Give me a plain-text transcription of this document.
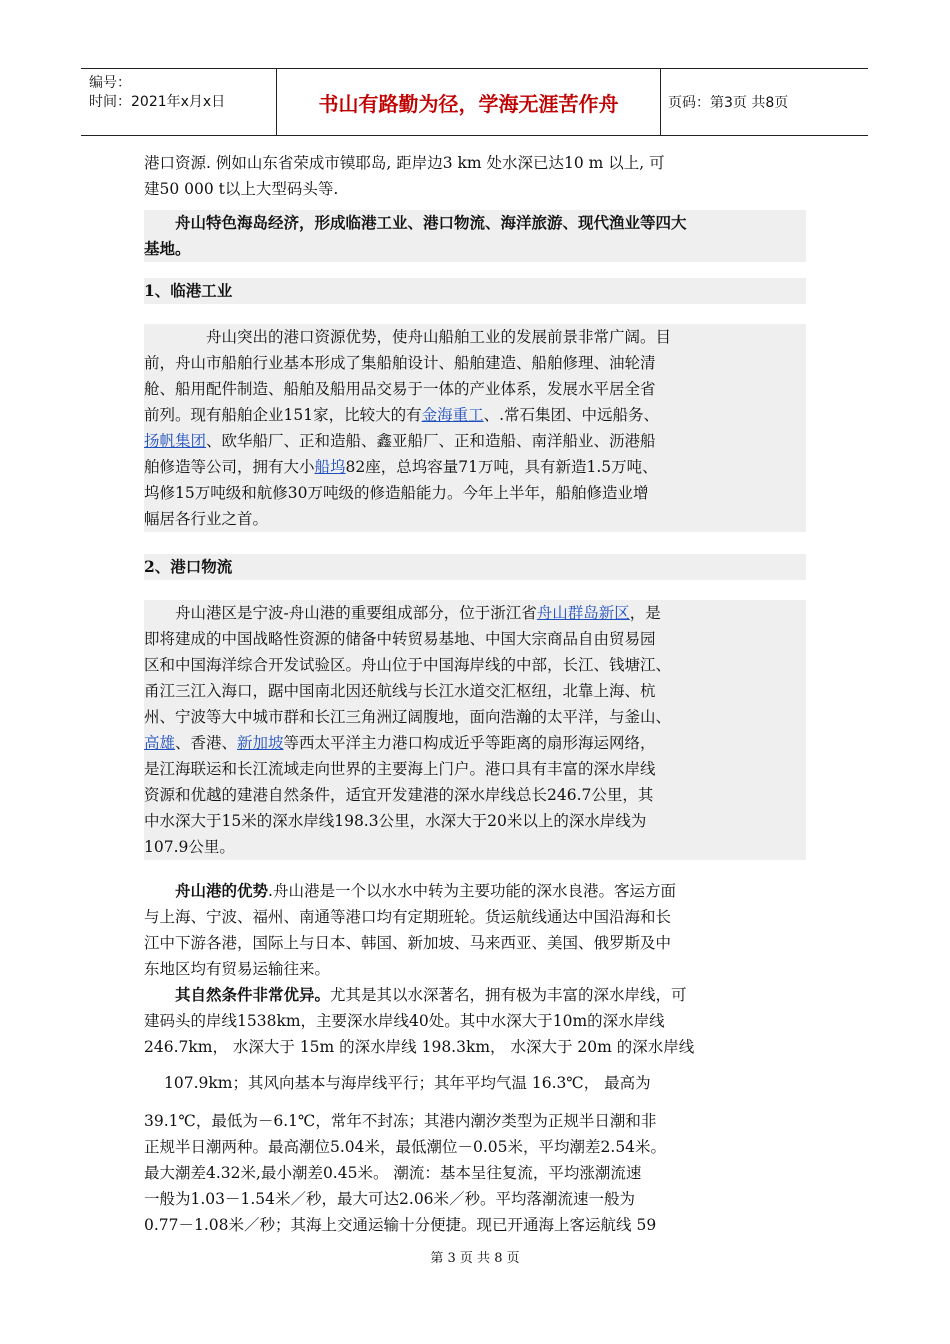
编号：
时间：2021年x月x日	书山有路勤为径，学海无涯苦作舟	页码：第3页 共8页
港口资源. 例如山东省荣成市镆耶岛, 距岸边3 km 处水深已达10 m 以上, 可
建50 000 t以上大型码头等.
舟山特色海岛经济，形成临港工业、港口物流、海洋旅游、现代渔业等四大
基地。
1、临港工业
舟山突出的港口资源优势，使舟山船舶工业的发展前景非常广阔。目
前，舟山市船舶行业基本形成了集船舶设计、船舶建造、船舶修理、油轮清
舱、船用配件制造、船舶及船用品交易于一体的产业体系，发展水平居全省
前列。现有船舶企业151家，比较大的有金海重工、.常石集团、中远船务、
扬帆集团、欧华船厂、正和造船、鑫亚船厂、正和造船、南洋船业、沥港船
舶修造等公司，拥有大小船坞82座，总坞容量71万吨，具有新造1.5万吨、
坞修15万吨级和航修30万吨级的修造船能力。今年上半年，船舶修造业增
幅居各行业之首。
2、港口物流
舟山港区是宁波-舟山港的重要组成部分，位于浙江省舟山群岛新区，是
即将建成的中国战略性资源的储备中转贸易基地、中国大宗商品自由贸易园
区和中国海洋综合开发试验区。舟山位于中国海岸线的中部，长江、钱塘江、
甬江三江入海口，踞中国南北因还航线与长江水道交汇枢纽，北靠上海、杭
州、宁波等大中城市群和长江三角洲辽阔腹地，面向浩瀚的太平洋，与釜山、
高雄、香港、新加坡等西太平洋主力港口构成近乎等距离的扇形海运网络，
是江海联运和长江流域走向世界的主要海上门户。港口具有丰富的深水岸线
资源和优越的建港自然条件，适宜开发建港的深水岸线总长246.7公里，其
中水深大于15米的深水岸线198.3公里，水深大于20米以上的深水岸线为
107.9公里。
舟山港的优势.舟山港是一个以水水中转为主要功能的深水良港。客运方面
与上海、宁波、福州、南通等港口均有定期班轮。货运航线通达中国沿海和长
江中下游各港，国际上与日本、韩国、新加坡、马来西亚、美国、俄罗斯及中
东地区均有贸易运输往来。
其自然条件非常优异。尤其是其以水深著名，拥有极为丰富的深水岸线，可
建码头的岸线1538km，主要深水岸线40处。其中水深大于10m的深水岸线
246.7km， 水深大于 15m 的深水岸线 198.3km， 水深大于 20m 的深水岸线
107.9km；其风向基本与海岸线平行；其年平均气温 16.3℃， 最高为
39.1℃，最低为－6.1℃，常年不封冻；其港内潮汐类型为正规半日潮和非
正规半日潮两种。最高潮位5.04米，最低潮位－0.05米，平均潮差2.54米。
最大潮差4.32米,最小潮差0.45米。 潮流：基本呈往复流，平均涨潮流速
一般为1.03－1.54米／秒，最大可达2.06米／秒。平均落潮流速一般为
0.77－1.08米／秒；其海上交通运输十分便捷。现已开通海上客运航线 59
第 3 页 共 8 页
